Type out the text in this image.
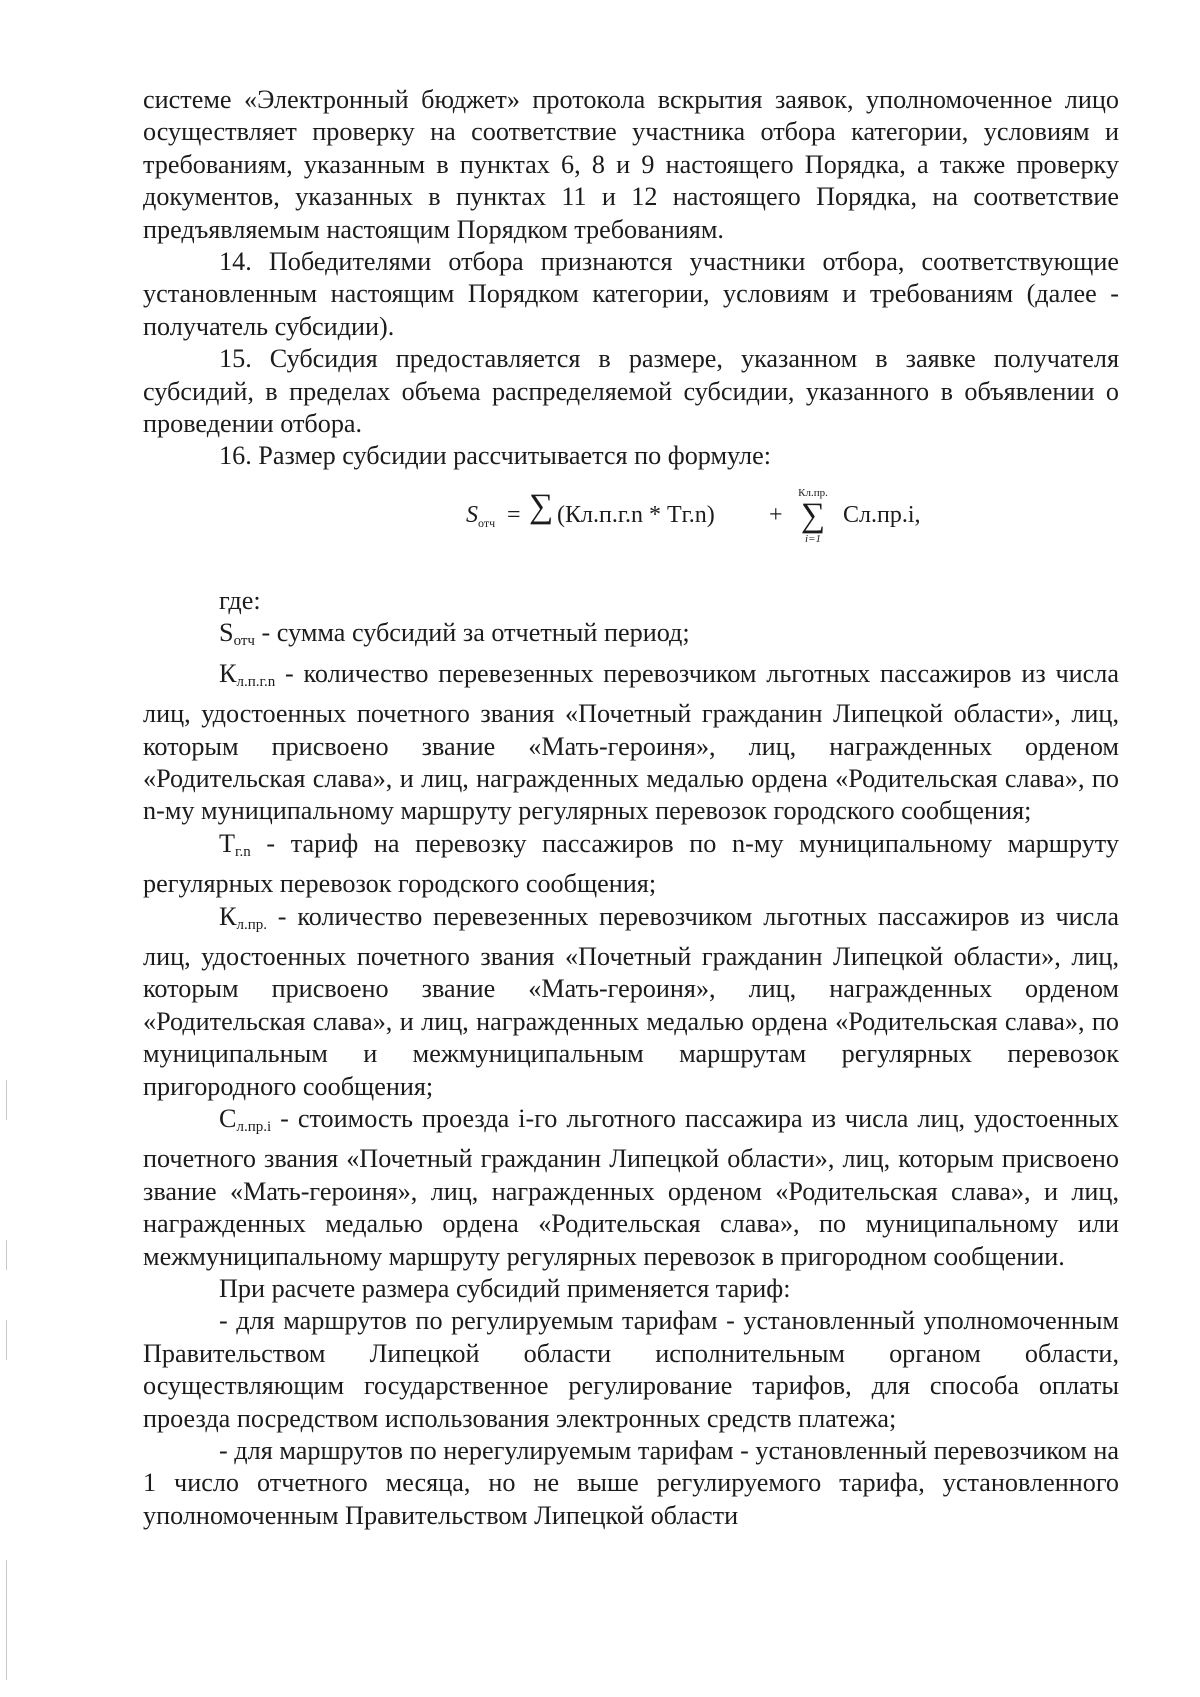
системе «Электронный бюджет» протокола вскрытия заявок, уполномоченное лицо осуществляет проверку на соответствие участника отбора категории, условиям и требованиям, указанным в пунктах 6, 8 и 9 настоящего Порядка, а также проверку документов, указанных в пунктах 11 и 12 настоящего Порядка, на соответствие предъявляемым настоящим Порядком требованиям.

14. Победителями отбора признаются участники отбора, соответствующие установленным настоящим Порядком категории, условиям и требованиям (далее - получатель субсидии).

15. Субсидия предоставляется в размере, указанном в заявке получателя субсидий, в пределах объема распределяемой субсидии, указанного в объявлении о проведении отбора.

16. Размер субсидии рассчитывается по формуле:

$S_{отч}$ = ∑ (Кл.п.г.n * Тг.n) +
Кл.пр.
∑
i=1
Сл.пр.i,

где:

Sотч - сумма субсидий за отчетный период;

Кл.п.г.n - количество перевезенных перевозчиком льготных пассажиров из числа лиц, удостоенных почетного звания «Почетный гражданин Липецкой области», лиц, которым присвоено звание «Мать-героиня», лиц, награжденных орденом «Родительская слава», и лиц, награжденных медалью ордена «Родительская слава», по n-му муниципальному маршруту регулярных перевозок городского сообщения;

Тг.n - тариф на перевозку пассажиров по n-му муниципальному маршруту регулярных перевозок городского сообщения;

Кл.пр. - количество перевезенных перевозчиком льготных пассажиров из числа лиц, удостоенных почетного звания «Почетный гражданин Липецкой области», лиц, которым присвоено звание «Мать-героиня», лиц, награжденных орденом «Родительская слава», и лиц, награжденных медалью ордена «Родительская слава», по муниципальным и межмуниципальным маршрутам регулярных перевозок пригородного сообщения;

Сл.пр.i - стоимость проезда i-го льготного пассажира из числа лиц, удостоенных почетного звания «Почетный гражданин Липецкой области», лиц, которым присвоено звание «Мать-героиня», лиц, награжденных орденом «Родительская слава», и лиц, награжденных медалью ордена «Родительская слава», по муниципальному или межмуниципальному маршруту регулярных перевозок в пригородном сообщении.

При расчете размера субсидий применяется тариф:

- для маршрутов по регулируемым тарифам - установленный уполномоченным Правительством Липецкой области исполнительным органом области, осуществляющим государственное регулирование тарифов, для способа оплаты проезда посредством использования электронных средств платежа;

- для маршрутов по нерегулируемым тарифам - установленный перевозчиком на 1 число отчетного месяца, но не выше регулируемого тарифа, установленного уполномоченным Правительством Липецкой области
